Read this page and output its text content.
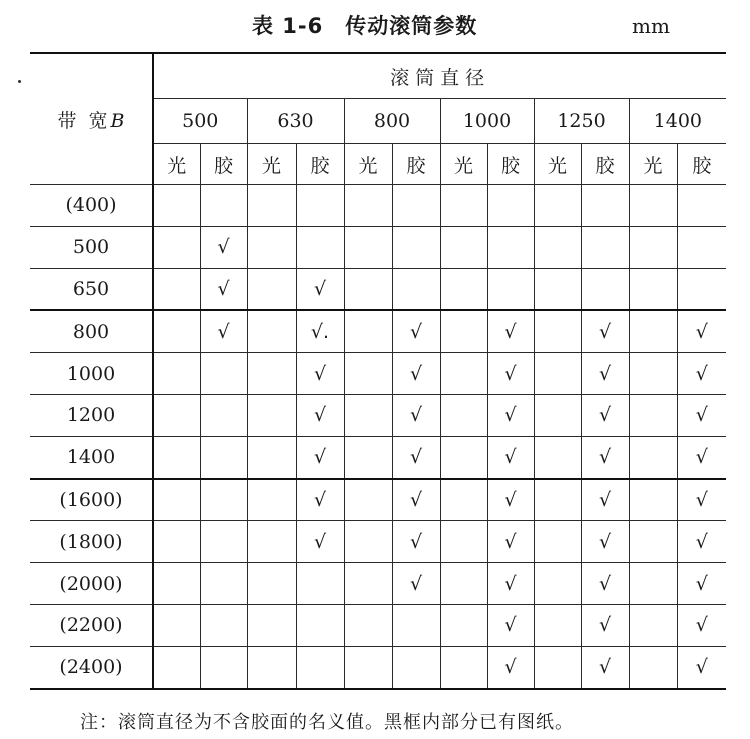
表 1-6　传动滚筒参数	mm
带 宽B	滚筒直径											
	500		630		800		1000		1250		1400	
	光	胶	光	胶	光	胶	光	胶	光	胶	光	胶
(400)												
500		√										
650		√		√								
800		√		√.		√		√		√		√
1000				√		√		√		√		√
1200				√		√		√		√		√
1400				√		√		√		√		√
(1600)				√		√		√		√		√
(1800)				√		√		√		√		√
(2000)						√		√		√		√
(2200)								√		√		√
(2400)								√		√		√
注：滚筒直径为不含胶面的名义值。黑框内部分已有图纸。
